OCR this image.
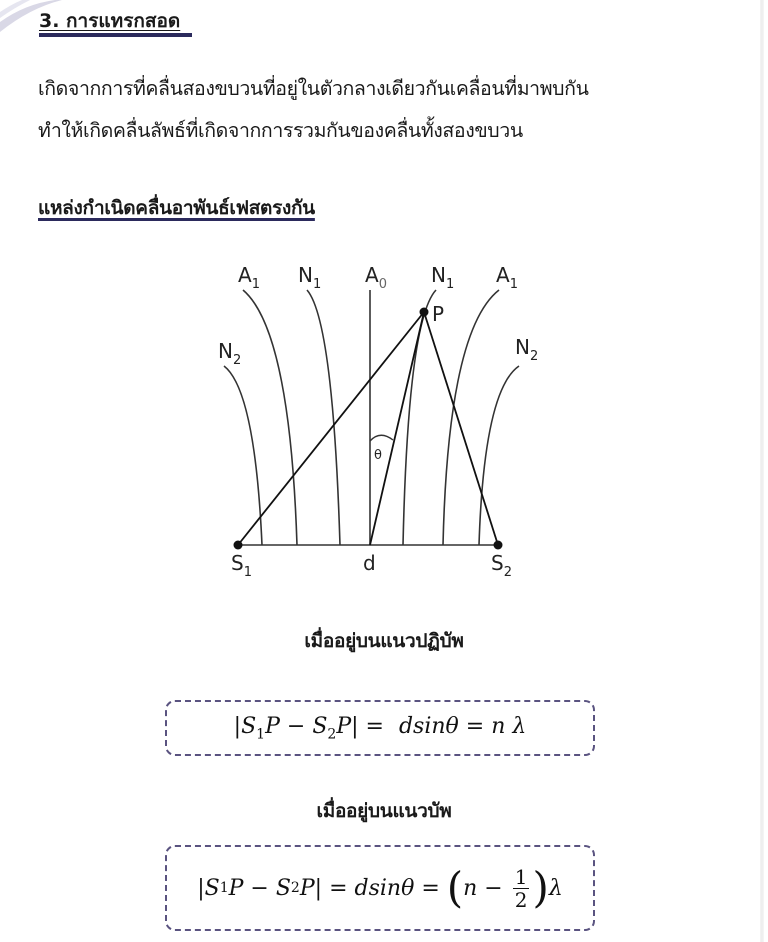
3. การแทรกสอด
เกิดจากการที่คลื่นสองขบวนที่อยู่ในตัวกลางเดียวกันเคลื่อนที่มาพบกัน
ทำให้เกิดคลื่นลัพธ์ที่เกิดจากการรวมกันของคลื่นทั้งสองขบวน
แหล่งกำเนิดคลื่นอาพันธ์เฟสตรงกัน
$A_1$ $N_1$ $A_0$ $N_1$ $A_1$
$N_2$
$N_2$
P
θ
$S_1$	d	$S_2$
เมื่ออยู่บนแนวปฏิบัพ
$|S_1P - S_2P| = dsin\theta = n$ λ
เมื่ออยู่บนแนวบัพ
| S 1 P − S 2 P | = dsinθ = ( $n - \frac{1}{2}$ ) λ
